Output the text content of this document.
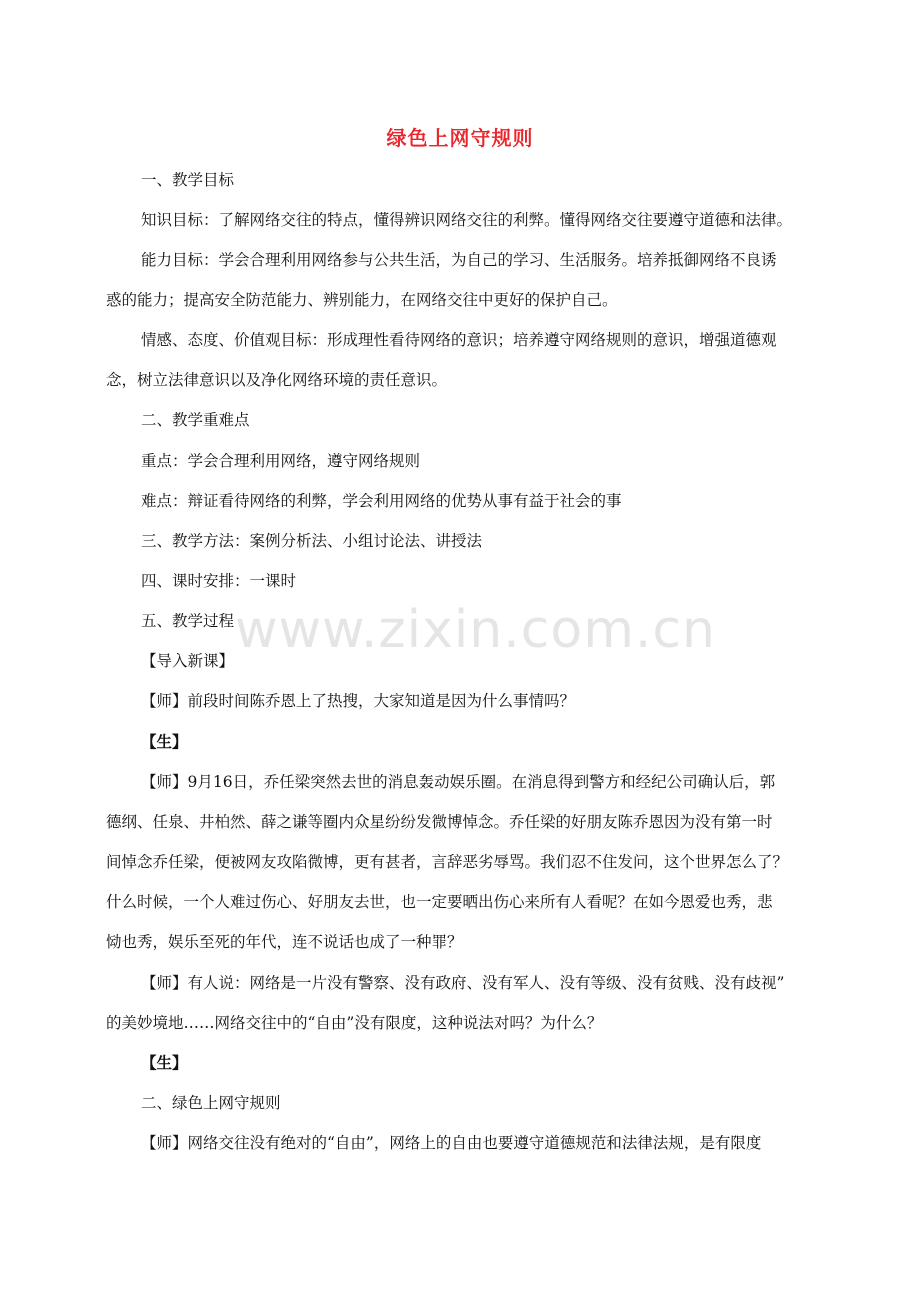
绿色上网守规则
一、教学目标
知识目标：了解网络交往的特点，懂得辨识网络交往的利弊。懂得网络交往要遵守道德和法律。
能力目标：学会合理利用网络参与公共生活，为自己的学习、生活服务。培养抵御网络不良诱
惑的能力；提高安全防范能力、辨别能力，在网络交往中更好的保护自己。
情感、态度、价值观目标：形成理性看待网络的意识；培养遵守网络规则的意识，增强道德观
念，树立法律意识以及净化网络环境的责任意识。
二、教学重难点
重点：学会合理利用网络，遵守网络规则
难点：辩证看待网络的利弊，学会利用网络的优势从事有益于社会的事
三、教学方法：案例分析法、小组讨论法、讲授法
四、课时安排：一课时
五、教学过程
【导入新课】
【师】前段时间陈乔恩上了热搜，大家知道是因为什么事情吗？
【生】
【师】9月16日，乔任梁突然去世的消息轰动娱乐圈。在消息得到警方和经纪公司确认后，郭
德纲、任泉、井柏然、薛之谦等圈内众星纷纷发微博悼念。乔任梁的好朋友陈乔恩因为没有第一时
间悼念乔任梁，便被网友攻陷微博，更有甚者，言辞恶劣辱骂。我们忍不住发问，这个世界怎么了？
什么时候，一个人难过伤心、好朋友去世，也一定要晒出伤心来所有人看呢？在如今恩爱也秀，悲
恸也秀，娱乐至死的年代，连不说话也成了一种罪？
【师】有人说：网络是一片没有警察、没有政府、没有军人、没有等级、没有贫贱、没有歧视”
的美妙境地……网络交往中的“自由”没有限度，这种说法对吗？为什么？
【生】
二、绿色上网守规则
【师】网络交往没有绝对的“自由”，网络上的自由也要遵守道德规范和法律法规，是有限度
www.zixin.com.cn
